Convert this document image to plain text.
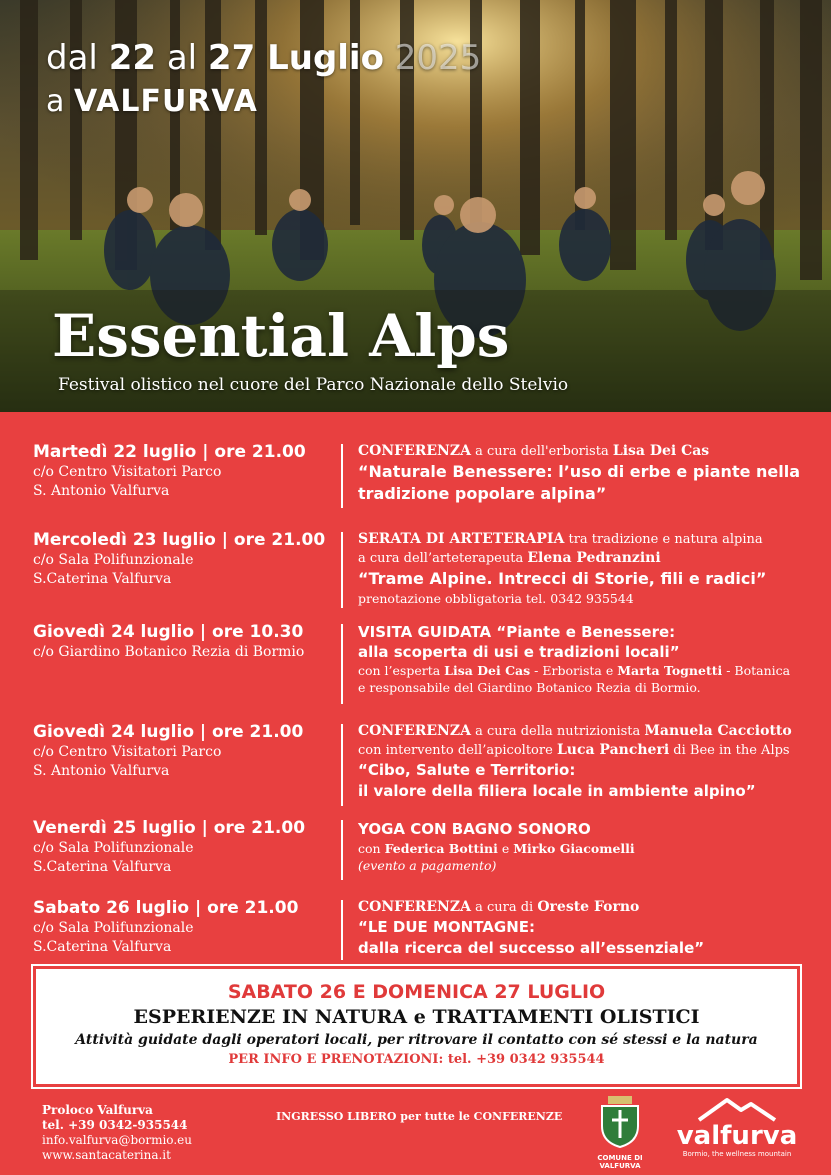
dal 22 al 27 Luglio 2025
a VALFURVA
Essential Alps
Festival olistico nel cuore del Parco Nazionale dello Stelvio
Martedì 22 luglio | ore 21.00
c/o Centro Visitatori Parco
S. Antonio Valfurva
CONFERENZA a cura dell'erborista Lisa Dei Cas
“Naturale Benessere: l’uso di erbe e piante nella
tradizione popolare alpina”
Mercoledì 23 luglio | ore 21.00
c/o Sala Polifunzionale
S.Caterina Valfurva
SERATA DI ARTETERAPIA tra tradizione e natura alpina
a cura dell’arteterapeuta Elena Pedranzini
“Trame Alpine. Intrecci di Storie, fili e radici”
prenotazione obbligatoria tel. 0342 935544
Giovedì 24 luglio | ore 10.30
c/o Giardino Botanico Rezia di Bormio
VISITA GUIDATA “Piante e Benessere:
alla scoperta di usi e tradizioni locali”
con l’esperta Lisa Dei Cas - Erborista e Marta Tognetti - Botanica
e responsabile del Giardino Botanico Rezia di Bormio.
Giovedì 24 luglio | ore 21.00
c/o Centro Visitatori Parco
S. Antonio Valfurva
CONFERENZA a cura della nutrizionista Manuela Cacciotto
con intervento dell’apicoltore Luca Pancheri di Bee in the Alps
“Cibo, Salute e Territorio:
il valore della filiera locale in ambiente alpino”
Venerdì 25 luglio | ore 21.00
c/o Sala Polifunzionale
S.Caterina Valfurva
YOGA CON BAGNO SONORO
con Federica Bottini e Mirko Giacomelli
(evento a pagamento)
Sabato 26 luglio | ore 21.00
c/o Sala Polifunzionale
S.Caterina Valfurva
CONFERENZA a cura di Oreste Forno
“LE DUE MONTAGNE:
dalla ricerca del successo all’essenziale”
SABATO 26 E DOMENICA 27 LUGLIO
ESPERIENZE IN NATURA e TRATTAMENTI OLISTICI
Attività guidate dagli operatori locali, per ritrovare il contatto con sé stessi e la natura
PER INFO E PRENOTAZIONI: tel. +39 0342 935544
Proloco Valfurva
tel. +39 0342-935544
info.valfurva@bormio.eu
www.santacaterina.it
INGRESSO LIBERO per tutte le CONFERENZE
COMUNE DI VALFURVA
valfurva
Bormio, the wellness mountain
